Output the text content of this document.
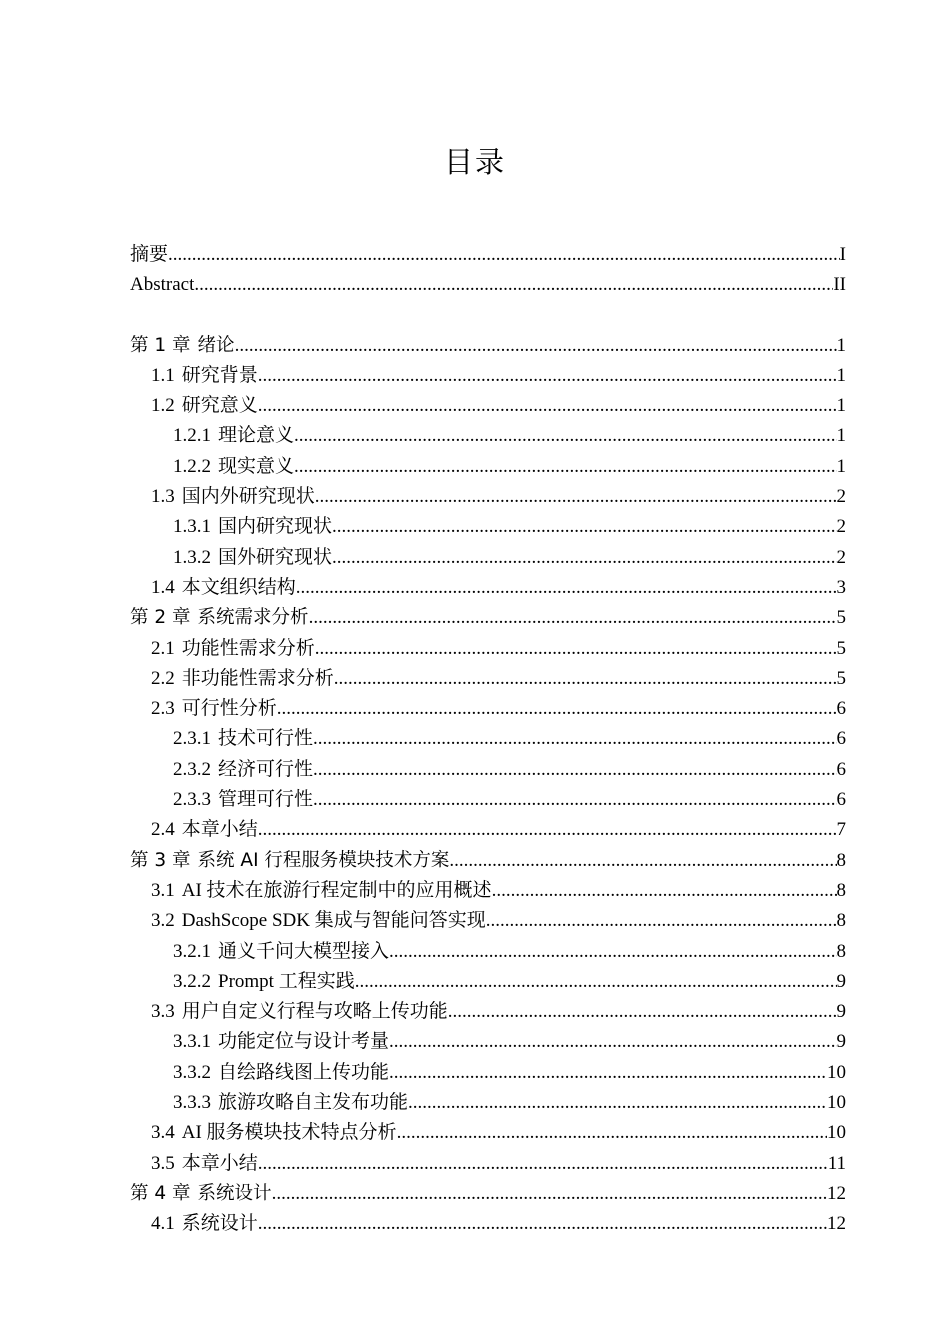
目录
摘要 .....	I
Abstract .....	II
第 1 章 绪论 .....	1
1.1 研究背景 .....	1
1.2 研究意义 .....	1
1.2.1 理论意义 .....	1
1.2.2 现实意义 .....	1
1.3 国内外研究现状 .....	2
1.3.1 国内研究现状 .....	2
1.3.2 国外研究现状 .....	2
1.4 本文组织结构 .....	3
第 2 章 系统需求分析 .....	5
2.1 功能性需求分析 .....	5
2.2 非功能性需求分析 .....	5
2.3 可行性分析 .....	6
2.3.1 技术可行性 .....	6
2.3.2 经济可行性 .....	6
2.3.3 管理可行性 .....	6
2.4 本章小结 .....	7
第 3 章 系统 AI 行程服务模块技术方案 .....	8
3.1 AI 技术在旅游行程定制中的应用概述 .....	8
3.2 DashScope SDK 集成与智能问答实现 .....	8
3.2.1 通义千问大模型接入 .....	8
3.2.2 Prompt 工程实践 .....	9
3.3 用户自定义行程与攻略上传功能 .....	9
3.3.1 功能定位与设计考量 .....	9
3.3.2 自绘路线图上传功能 .....	10
3.3.3 旅游攻略自主发布功能 .....	10
3.4 AI 服务模块技术特点分析 .....	10
3.5 本章小结 .....	11
第 4 章 系统设计 .....	12
4.1 系统设计 .....	12
